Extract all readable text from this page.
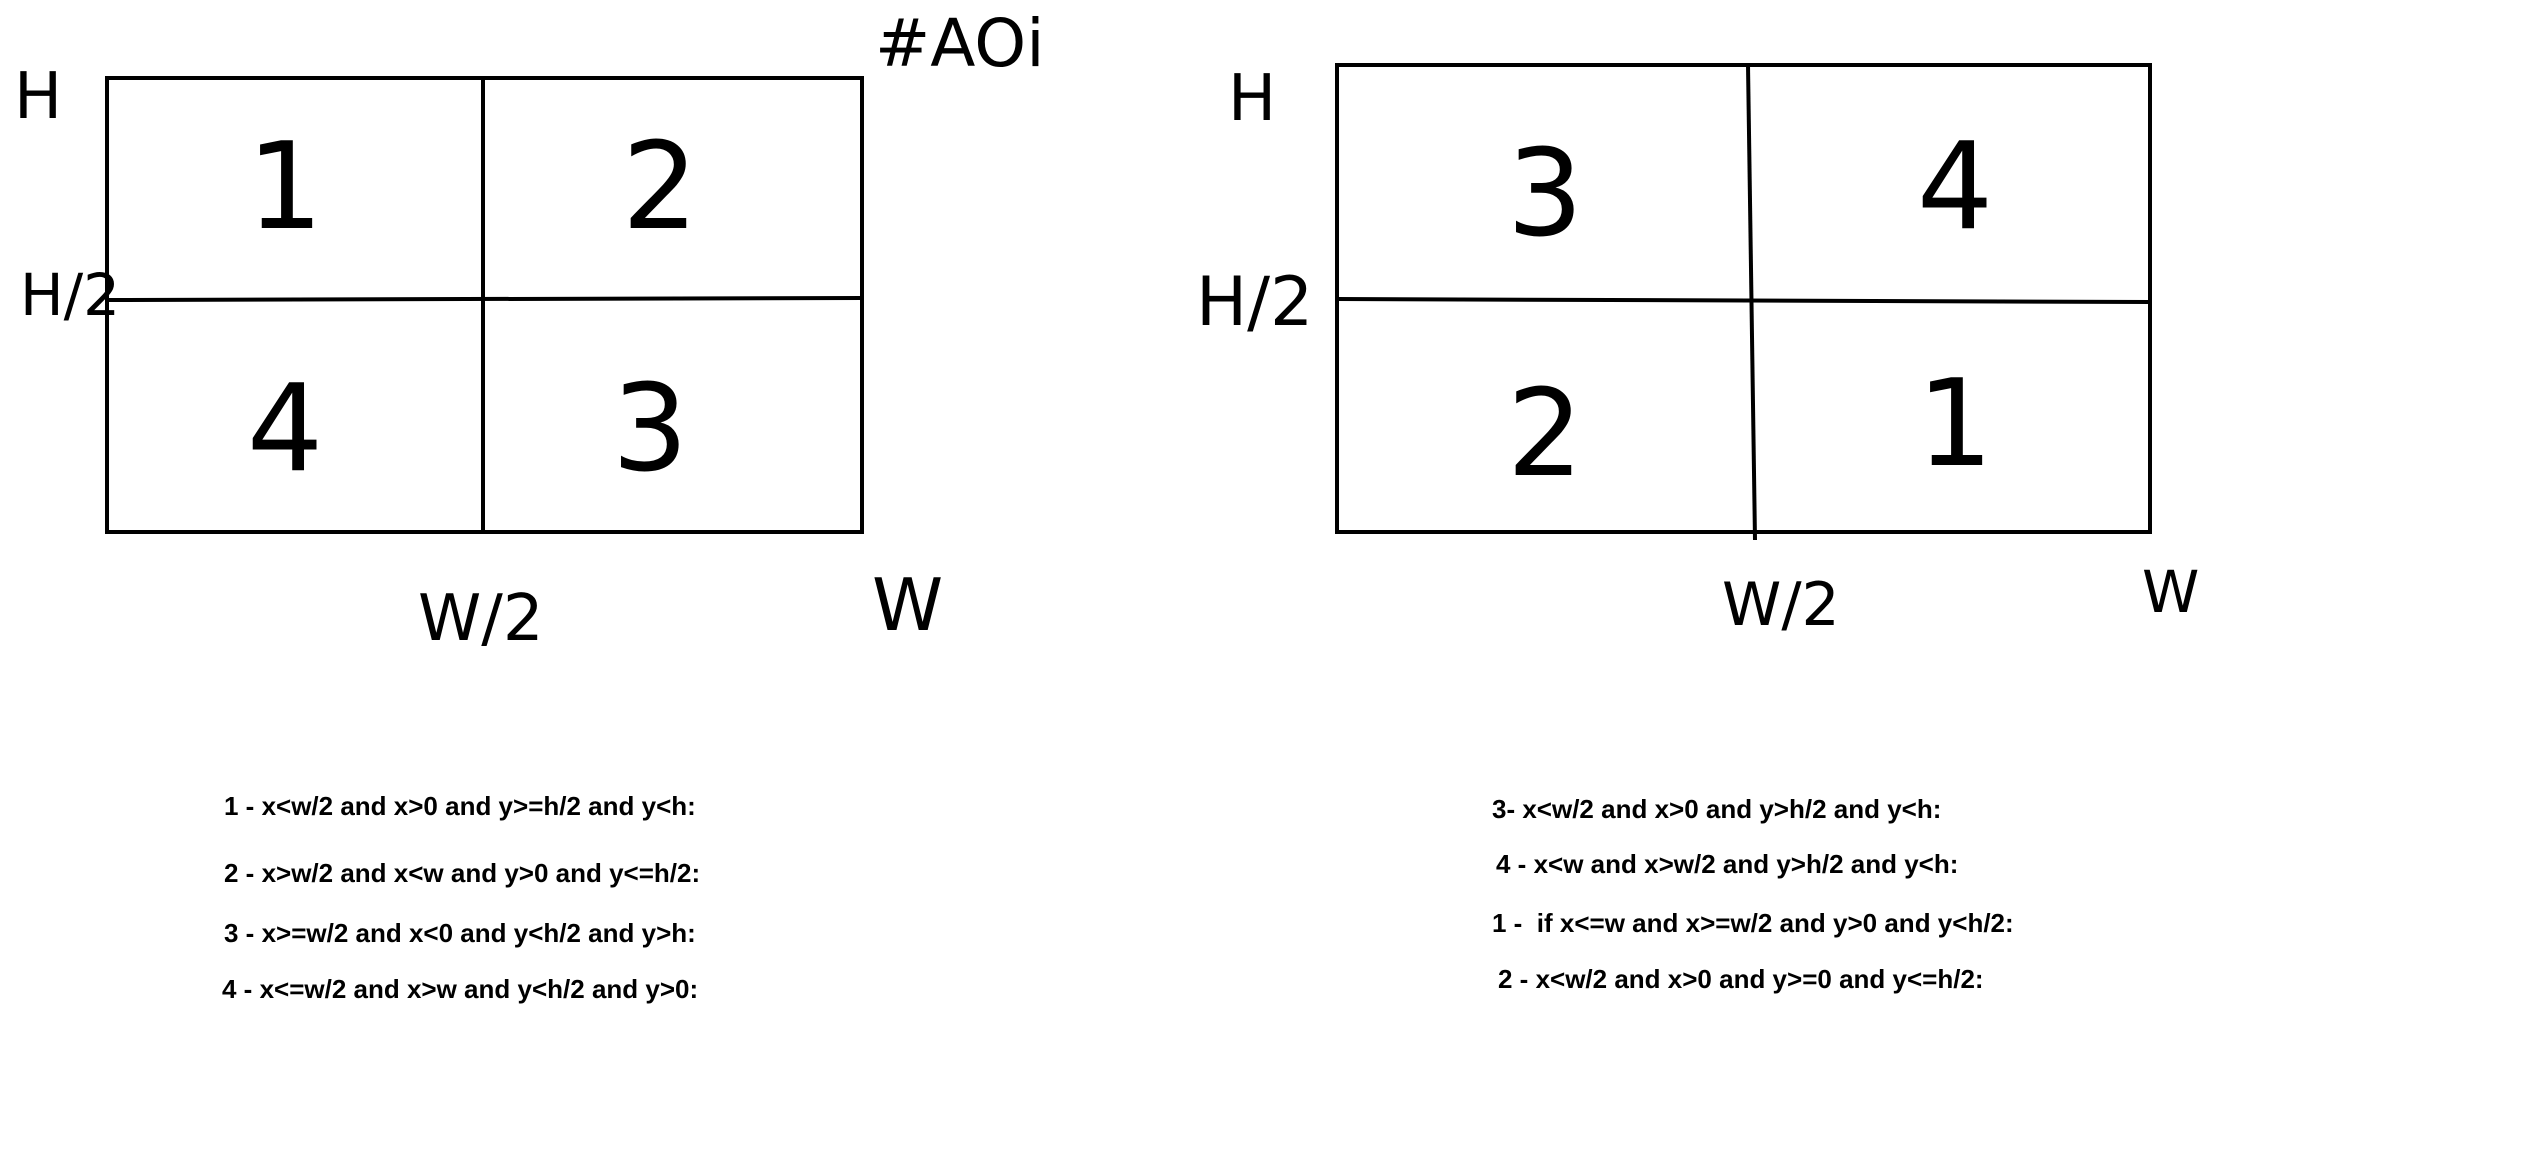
1 2
4 3
H
H/2
W/2	W
#AOi
3	4
2	1
H
H/2
W/2	W
1 - x<w/2 and x>0 and y>=h/2 and y<h:
2 - x>w/2 and x<w and y>0 and y<=h/2:
3 - x>=w/2 and x<0 and y<h/2 and y>h:
4 - x<=w/2 and x>w and y<h/2 and y>0:
3- x<w/2 and x>0 and y>h/2 and y<h:
4 - x<w and x>w/2 and y>h/2 and y<h:
1 -  if x<=w and x>=w/2 and y>0 and y<h/2:
2 - x<w/2 and x>0 and y>=0 and y<=h/2:
